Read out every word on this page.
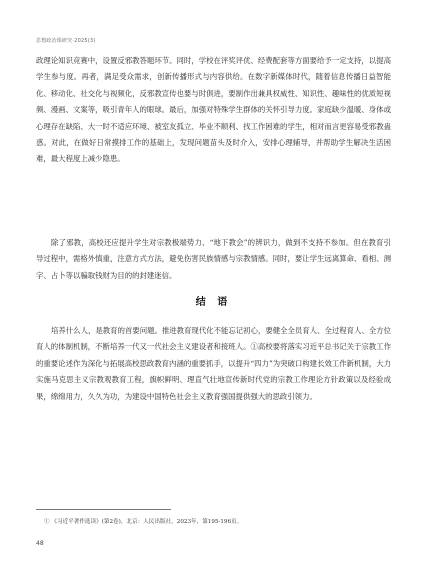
思想政治课研究·2025(3)

政理论知识竞赛中，设置反邪教答题环节。同时，学校在评奖评优、经费配套等方面要给予一定支持，以提高学生参与度。再者，满足受众需求，创新传播形式与内容供给。在数字新媒体时代，随着信息传播日益智能化、移动化、社交化与视频化，反邪教宣传也要与时俱进，要制作出兼具权威性、知识性、趣味性的优质短视频、漫画、文案等，吸引青年人的眼球。最后，加强对特殊学生群体的关怀引导力度。家庭缺少温暖、身体或心理存在缺陷、大一时不适应环境、被室友孤立、毕业不顺利、找工作困难的学生，相对而言更容易受邪教蛊惑。对此，在做好日常摸排工作的基础上，发现问题苗头及时介入，安排心理辅导，并帮助学生解决生活困难，最大程度上减少隐患。

除了邪教，高校还应提升学生对宗教极端势力、“地下教会”的辨识力，做到不支持不参加。但在教育引导过程中，需格外慎重，注意方式方法，避免伤害民族情感与宗教情感。同时，要让学生远离算命、看相、测字、占卜等以骗取钱财为目的的封建迷信。

结 语

培养什么人，是教育的首要问题。推进教育现代化不能忘记初心，要健全全员育人、全过程育人、全方位育人的体制机制，不断培养一代又一代社会主义建设者和接班人。①高校要将落实习近平总书记关于宗教工作的重要论述作为深化与拓展高校思政教育内涵的重要抓手，以提升“四力”为突破口构建长效工作新机制，大力实施马克思主义宗教观教育工程，旗帜鲜明、理直气壮地宣传新时代党的宗教工作理论方针政策以及经验成果，绵绵用力，久久为功，为建设中国特色社会主义教育强国提供强大的思政引领力。

① 《习近平著作选读》(第2卷)，北京：人民出版社，2023年，第195-196页。

48
